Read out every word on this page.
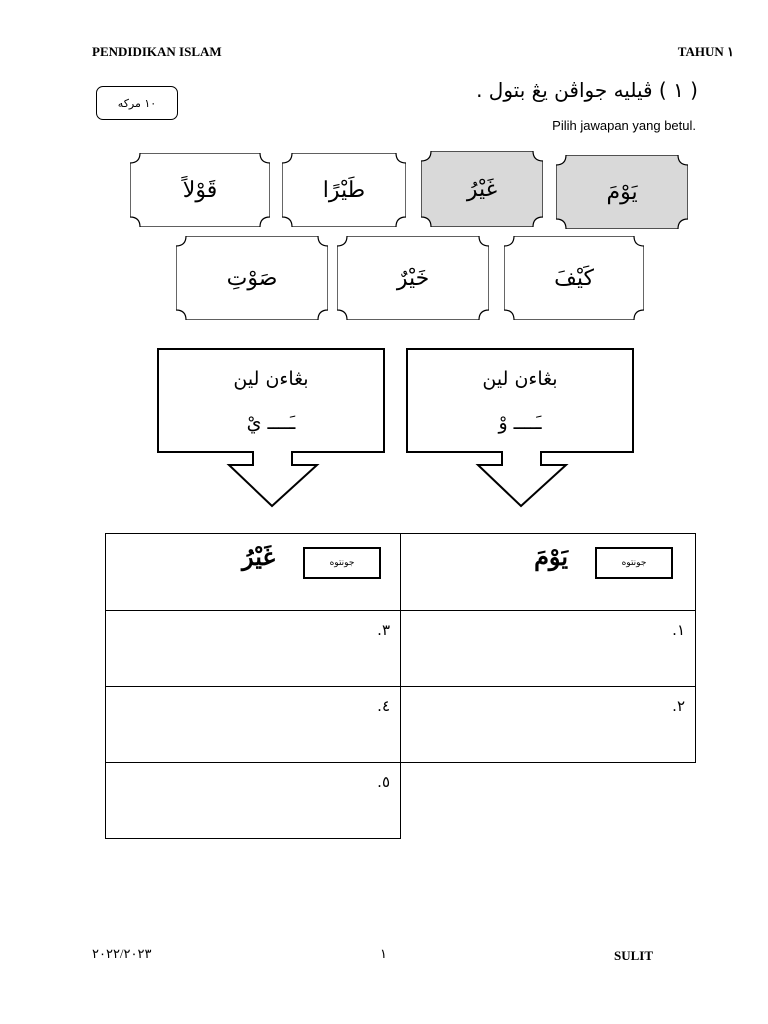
PENDIDIKAN ISLAM	TAHUN ١
١٠ مركه
( ١ ) ڤيليه جواڤن يڠ بتول .
Pilih jawapan yang betul.
قَوْلاً	طَيْرًا	غَيْرُ	يَوْمَ
صَوْتِ	خَيْرٌ	كَيْفَ
بڠاءن لين
ـَــــ يْ
بڠاءن لين
ـَــــ وْ
غَيْرُ جونتوه	يَوْمَ جونتوه

٣.	١.

٤.	٢.

٥.	

٢٠٢٢/٢٠٢٣	١	SULIT
